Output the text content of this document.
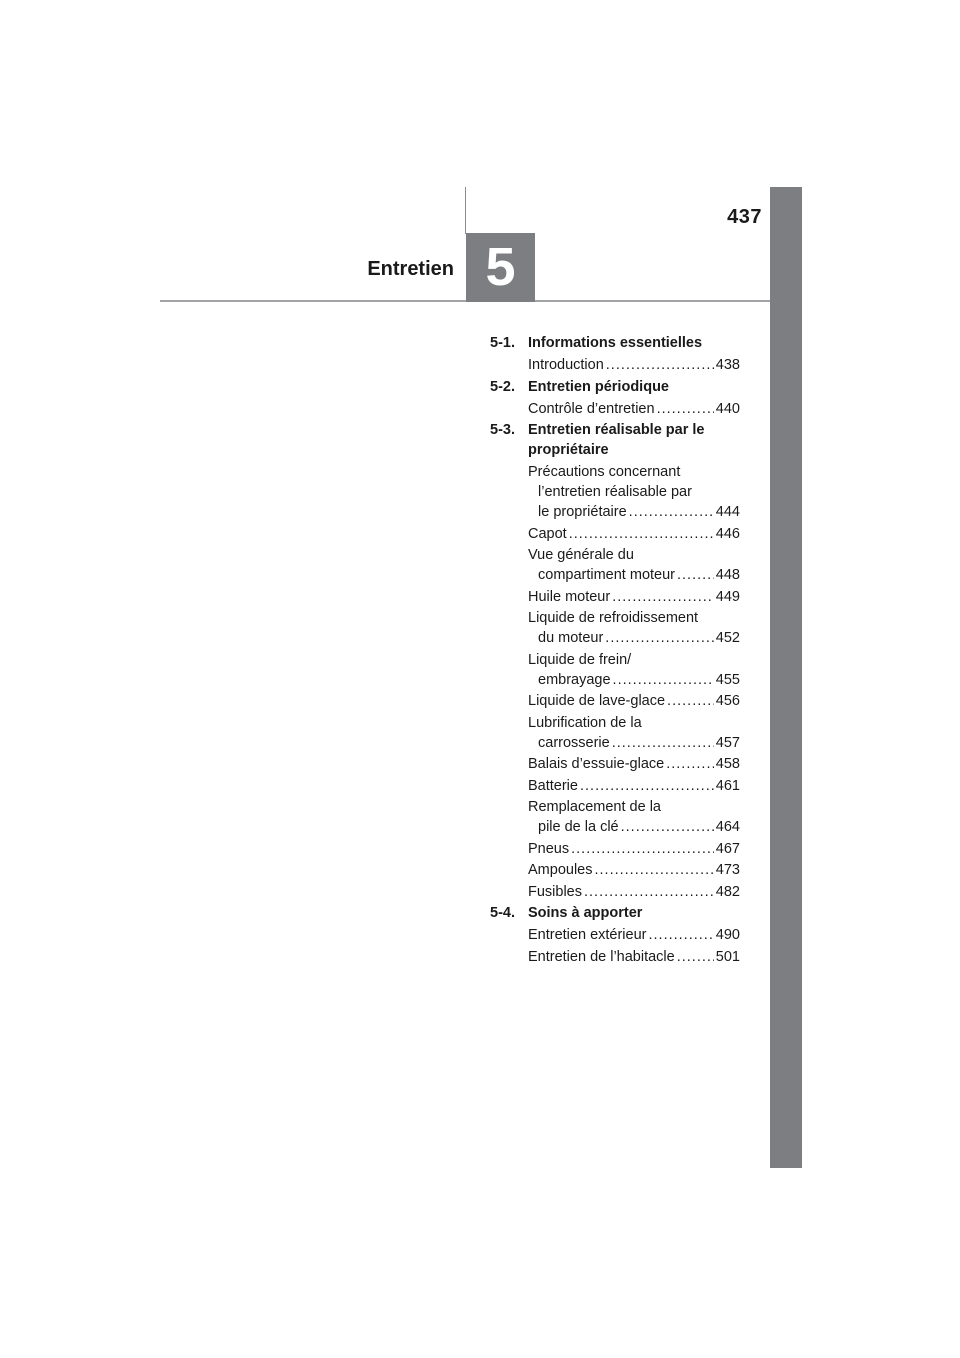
437
Entretien 5
5-1. Informations essentielles
Introduction .....	438
5-2. Entretien périodique
Contrôle d’entretien .....	440
5-3. Entretien réalisable par le
propriétaire
Précautions concernant
l’entretien réalisable par
le propriétaire .....	444
Capot .....	446
Vue générale du
compartiment moteur .....	448
Huile moteur .....	449
Liquide de refroidissement
du moteur .....	452
Liquide de frein/
embrayage .....	455
Liquide de lave-glace .....	456
Lubrification de la
carrosserie .....	457
Balais d’essuie-glace .....	458
Batterie .....	461
Remplacement de la
pile de la clé .....	464
Pneus .....	467
Ampoules .....	473
Fusibles .....	482
5-4. Soins à apporter
Entretien extérieur .....	490
Entretien de l’habitacle .....	501
